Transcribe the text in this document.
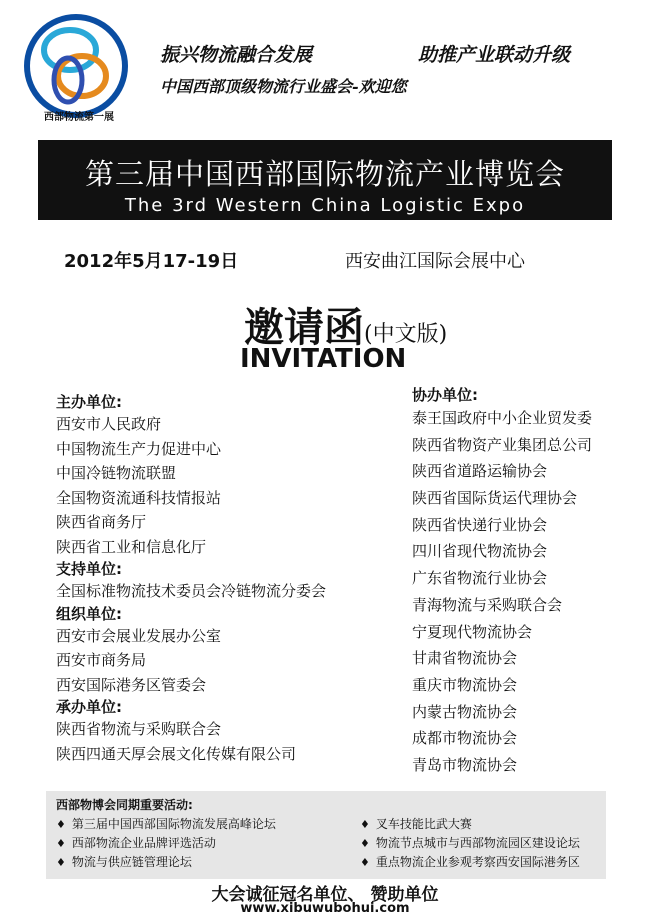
西部物流第一展
振兴物流融合发展	助推产业联动升级
中国西部顶级物流行业盛会-欢迎您
第三届中国西部国际物流产业博览会
The 3rd Western China Logistic Expo
2012年5月17-19日	西安曲江国际会展中心
邀请函(中文版)
INVITATION
主办单位:
西安市人民政府
中国物流生产力促进中心
中国冷链物流联盟
全国物资流通科技情报站
陕西省商务厅
陕西省工业和信息化厅
支持单位:
全国标准物流技术委员会冷链物流分委会
组织单位:
西安市会展业发展办公室
西安市商务局
西安国际港务区管委会
承办单位:
陕西省物流与采购联合会
陕西四通天厚会展文化传媒有限公司
协办单位:
泰王国政府中小企业贸发委
陕西省物资产业集团总公司
陕西省道路运输协会
陕西省国际货运代理协会
陕西省快递行业协会
四川省现代物流协会
广东省物流行业协会
青海物流与采购联合会
宁夏现代物流协会
甘肃省物流协会
重庆市物流协会
内蒙古物流协会
成都市物流协会
青岛市物流协会
西部物博会同期重要活动:
♦ 第三届中国西部国际物流发展高峰论坛
♦ 西部物流企业品牌评选活动
♦ 物流与供应链管理论坛
♦ 叉车技能比武大赛
♦ 物流节点城市与西部物流园区建设论坛
♦ 重点物流企业参观考察西安国际港务区
大会诚征冠名单位、 赞助单位
www.xibuwubohui.com
